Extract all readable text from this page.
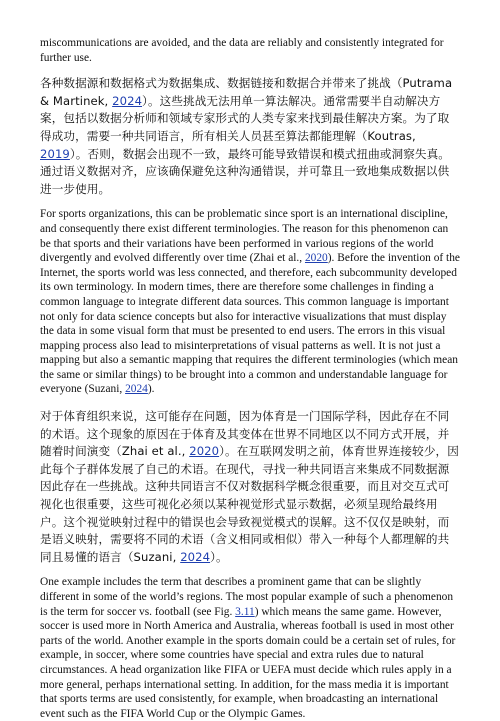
miscommunications are avoided, and the data are reliably and consistently integrated for further use.

各种数据源和数据格式为数据集成、数据链接和数据合并带来了挑战（Putrama & Martinek, 2024）。这些挑战无法用单一算法解决。通常需要半自动解决方案，包括以数据分析师和领域专家形式的人类专家来找到最佳解决方案。为了取得成功，需要一种共同语言，所有相关人员甚至算法都能理解（Koutras, 2019）。否则，数据会出现不一致，最终可能导致错误和模式扭曲或洞察失真。通过语义数据对齐，应该确保避免这种沟通错误，并可靠且一致地集成数据以供进一步使用。

For sports organizations, this can be problematic since sport is an international discipline, and consequently there exist different terminologies. The reason for this phenomenon can be that sports and their variations have been performed in various regions of the world divergently and evolved differently over time (Zhai et al., 2020). Before the invention of the Internet, the sports world was less connected, and therefore, each subcommunity developed its own terminology. In modern times, there are therefore some challenges in finding a common language to integrate different data sources. This common language is important not only for data science concepts but also for interactive visualizations that must display the data in some visual form that must be presented to end users. The errors in this visual mapping process also lead to misinterpretations of visual patterns as well. It is not just a mapping but also a semantic mapping that requires the different terminologies (which mean the same or similar things) to be brought into a common and understandable language for everyone (Suzani, 2024).

对于体育组织来说，这可能存在问题，因为体育是一门国际学科，因此存在不同的术语。这个现象的原因在于体育及其变体在世界不同地区以不同方式开展，并随着时间演变（Zhai et al., 2020）。在互联网发明之前，体育世界连接较少，因此每个子群体发展了自己的术语。在现代，寻找一种共同语言来集成不同数据源因此存在一些挑战。这种共同语言不仅对数据科学概念很重要，而且对交互式可视化也很重要，这些可视化必须以某种视觉形式显示数据，必须呈现给最终用户。这个视觉映射过程中的错误也会导致视觉模式的误解。这不仅仅是映射，而是语义映射，需要将不同的术语（含义相同或相似）带入一种每个人都理解的共同且易懂的语言（Suzani, 2024）。

One example includes the term that describes a prominent game that can be slightly different in some of the world’s regions. The most popular example of such a phenomenon is the term for soccer vs. football (see Fig. 3.11) which means the same game. However, soccer is used more in North America and Australia, whereas football is used in most other parts of the world. Another example in the sports domain could be a certain set of rules, for example, in soccer, where some countries have special and extra rules due to natural circumstances. A head organization like FIFA or UEFA must decide which rules apply in a more general, perhaps international setting. In addition, for the mass media it is important that sports terms are used consistently, for example, when broadcasting an international event such as the FIFA World Cup or the Olympic Games.
